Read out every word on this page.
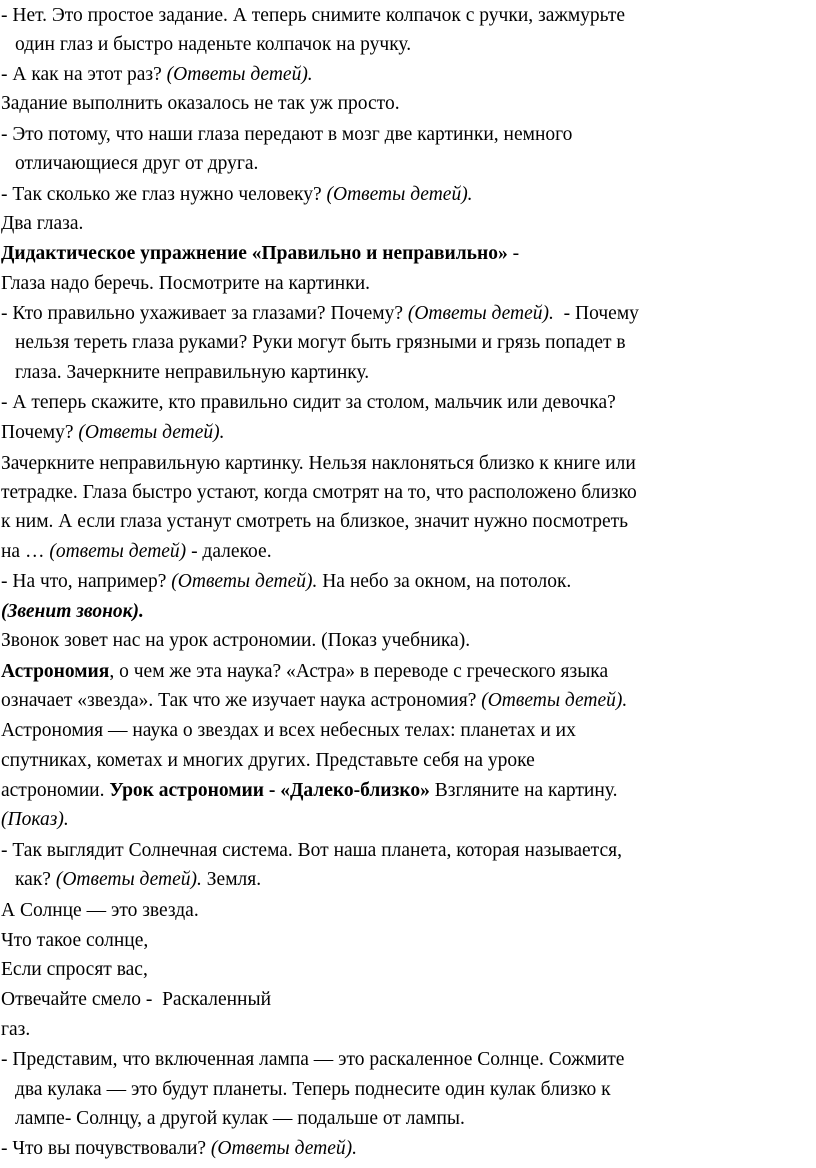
- Нет. Это простое задание. А теперь снимите колпачок с ручки, зажмурьте
один глаз и быстро наденьте колпачок на ручку.
- А как на этот раз? (Ответы детей).
Задание выполнить оказалось не так уж просто.
- Это потому, что наши глаза передают в мозг две картинки, немного
отличающиеся друг от друга.
- Так сколько же глаз нужно человеку? (Ответы детей).
Два глаза.
Дидактическое упражнение «Правильно и неправильно» -
Глаза надо беречь. Посмотрите на картинки.
- Кто правильно ухаживает за глазами? Почему? (Ответы детей).  - Почему
нельзя тереть глаза руками? Руки могут быть грязными и грязь попадет в
глаза. Зачеркните неправильную картинку.
- А теперь скажите, кто правильно сидит за столом, мальчик или девочка?
Почему? (Ответы детей).
Зачеркните неправильную картинку. Нельзя наклоняться близко к книге или
тетрадке. Глаза быстро устают, когда смотрят на то, что расположено близко
к ним. А если глаза устанут смотреть на близкое, значит нужно посмотреть
на … (ответы детей) - далекое.
- На что, например? (Ответы детей). На небо за окном, на потолок.
(Звенит звонок).
Звонок зовет нас на урок астрономии. (Показ учебника).
Астрономия, о чем же эта наука? «Астра» в переводе с греческого языка
означает «звезда». Так что же изучает наука астрономия? (Ответы детей).
Астрономия — наука о звездах и всех небесных телах: планетах и их
спутниках, кометах и многих других. Представьте себя на уроке
астрономии. Урок астрономии - «Далеко-близко» Взгляните на картину.
(Показ).
- Так выглядит Солнечная система. Вот наша планета, которая называется,
как? (Ответы детей). Земля.
А Солнце — это звезда.
Что такое солнце,
Если спросят вас,
Отвечайте смело -  Раскаленный
газ.
- Представим, что включенная лампа — это раскаленное Солнце. Сожмите
два кулака — это будут планеты. Теперь поднесите один кулак близко к
лампе- Солнцу, а другой кулак — подальше от лампы.
- Что вы почувствовали? (Ответы детей).
